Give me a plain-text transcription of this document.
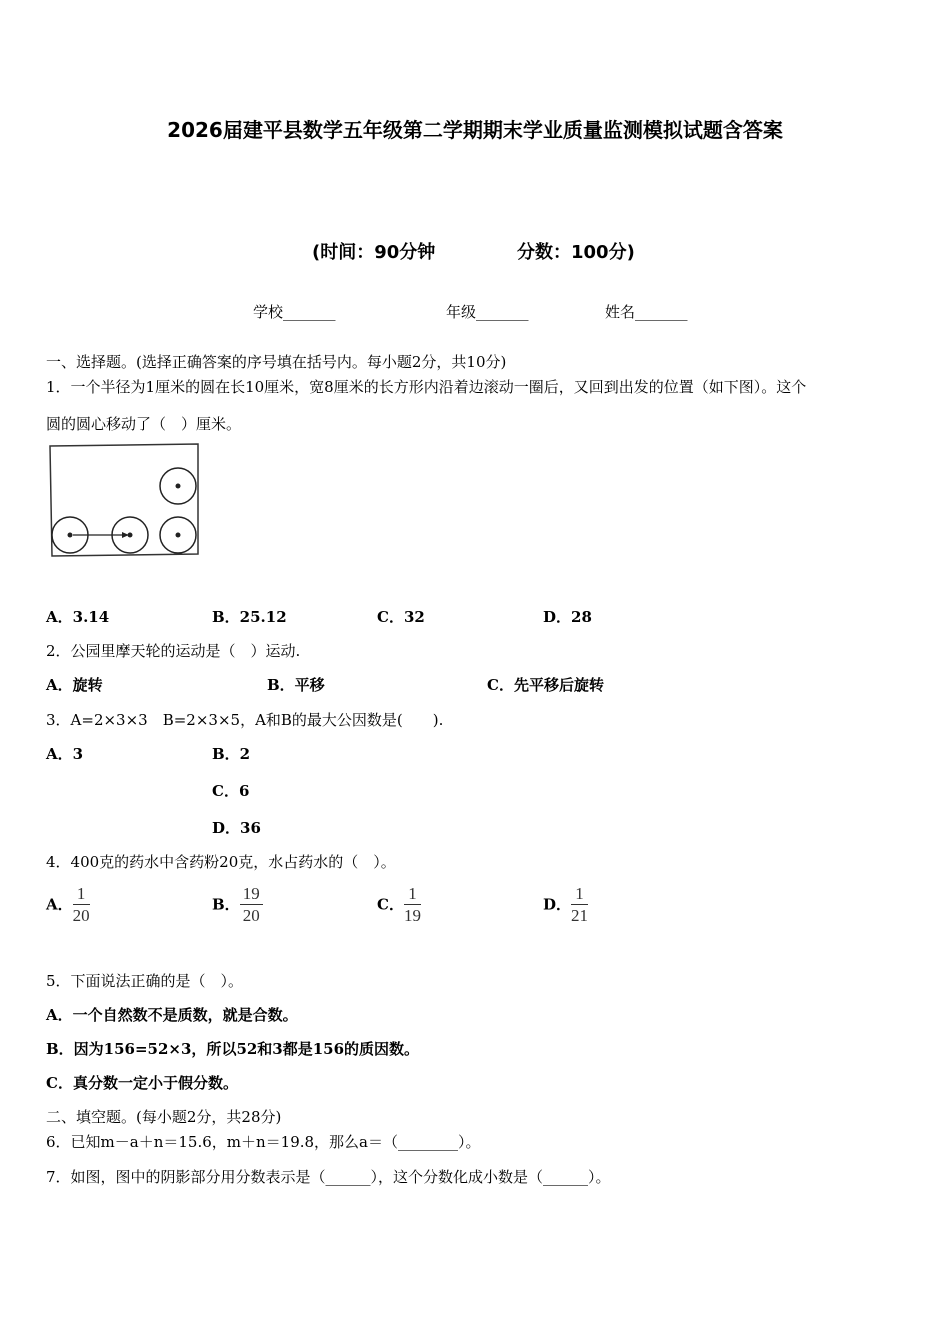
2026届建平县数学五年级第二学期期末学业质量监测模拟试题含答案
(时间：90分钟	分数：100分)
学校_______	年级_______	姓名_______
一、选择题。(选择正确答案的序号填在括号内。每小题2分，共10分)
1．一个半径为1厘米的圆在长10厘米，宽8厘米的长方形内沿着边滚动一圈后，又回到出发的位置（如下图）。这个
圆的圆心移动了（　）厘米。
A．3.14	B．25.12	C．32	D．28
2．公园里摩天轮的运动是（　）运动.
A．旋转	B．平移	C．先平移后旋转
3．A=2×3×3　B=2×3×5，A和B的最大公因数是(　　).
A．3	B．2
C．6
D．36
4．400克的药水中含药粉20克，水占药水的（　）。
A． $\frac{1}{20}$	B． $\frac{19}{20}$	C． $\frac{1}{19}$	D． $\frac{1}{21}$
5．下面说法正确的是（　）。
A．一个自然数不是质数，就是合数。
B．因为156=52×3，所以52和3都是156的质因数。
C．真分数一定小于假分数。
二、填空题。(每小题2分，共28分)
6．已知m－a＋n＝15.6，m＋n＝19.8，那么a＝（________）。
7．如图，图中的阴影部分用分数表示是（______），这个分数化成小数是（______）。
